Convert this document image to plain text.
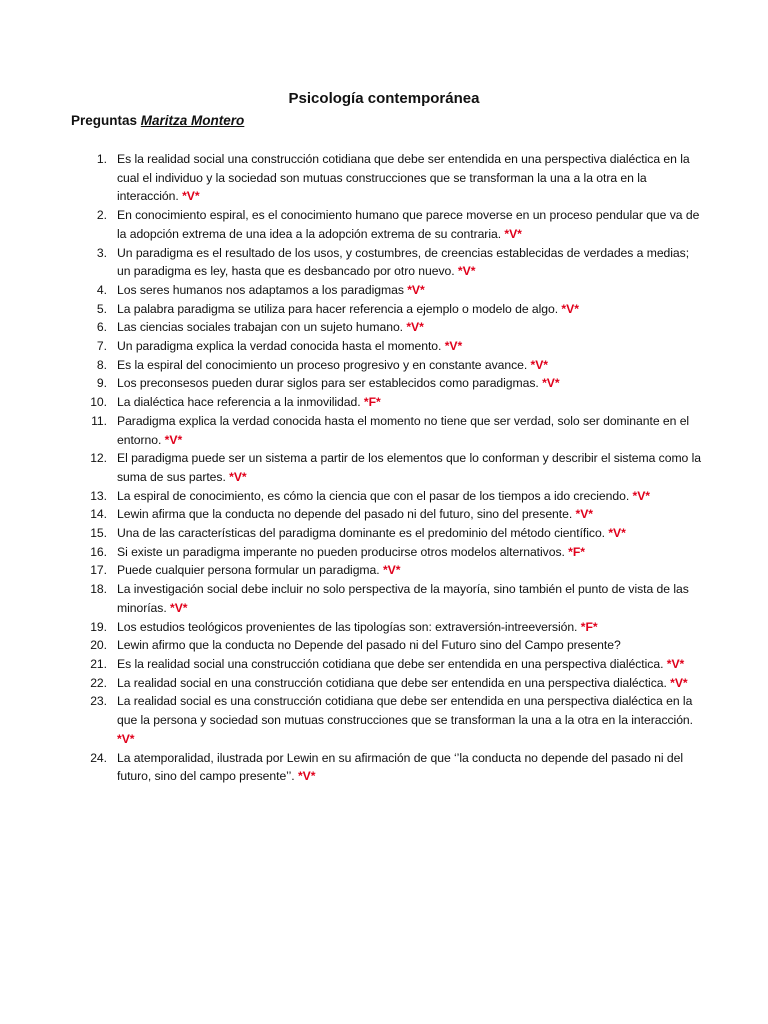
Psicología contemporánea
Preguntas Maritza Montero
1. Es la realidad social una construcción cotidiana que debe ser entendida en una perspectiva dialéctica en la cual el individuo y la sociedad son mutuas construcciones que se transforman la una a la otra en la interacción. *V*
2. En conocimiento espiral, es el conocimiento humano que parece moverse en un proceso pendular que va de la adopción extrema de una idea a la adopción extrema de su contraria. *V*
3. Un paradigma es el resultado de los usos, y costumbres, de creencias establecidas de verdades a medias; un paradigma es ley, hasta que es desbancado por otro nuevo. *V*
4. Los seres humanos nos adaptamos a los paradigmas *V*
5. La palabra paradigma se utiliza para hacer referencia a ejemplo o modelo de algo. *V*
6. Las ciencias sociales trabajan con un sujeto humano. *V*
7. Un paradigma explica la verdad conocida hasta el momento. *V*
8. Es la espiral del conocimiento un proceso progresivo y en constante avance. *V*
9. Los preconsesos pueden durar siglos para ser establecidos como paradigmas. *V*
10. La dialéctica hace referencia a la inmovilidad. *F*
11. Paradigma explica la verdad conocida hasta el momento no tiene que ser verdad, solo ser dominante en el entorno. *V*
12. El paradigma puede ser un sistema a partir de los elementos que lo conforman y describir el sistema como la suma de sus partes. *V*
13. La espiral de conocimiento, es cómo la ciencia que con el pasar de los tiempos a ido creciendo. *V*
14. Lewin afirma que la conducta no depende del pasado ni del futuro, sino del presente. *V*
15. Una de las características del paradigma dominante es el predominio del método científico. *V*
16. Si existe un paradigma imperante no pueden producirse otros modelos alternativos. *F*
17. Puede cualquier persona formular un paradigma. *V*
18. La investigación social debe incluir no solo perspectiva de la mayoría, sino también el punto de vista de las minorías. *V*
19. Los estudios teológicos provenientes de las tipologías son: extraversión-intreeversión. *F*
20. Lewin afirmo que la conducta no Depende del pasado ni del Futuro sino del Campo presente?
21. Es la realidad social una construcción cotidiana que debe ser entendida en una perspectiva dialéctica. *V*
22. La realidad social en una construcción cotidiana que debe ser entendida en una perspectiva dialéctica. *V*
23. La realidad social es una construcción cotidiana que debe ser entendida en una perspectiva dialéctica en la que la persona y sociedad son mutuas construcciones que se transforman la una a la otra en la interacción. *V*
24. La atemporalidad, ilustrada por Lewin en su afirmación de que ‘’la conducta no depende del pasado ni del futuro, sino del campo presente’’. *V*
